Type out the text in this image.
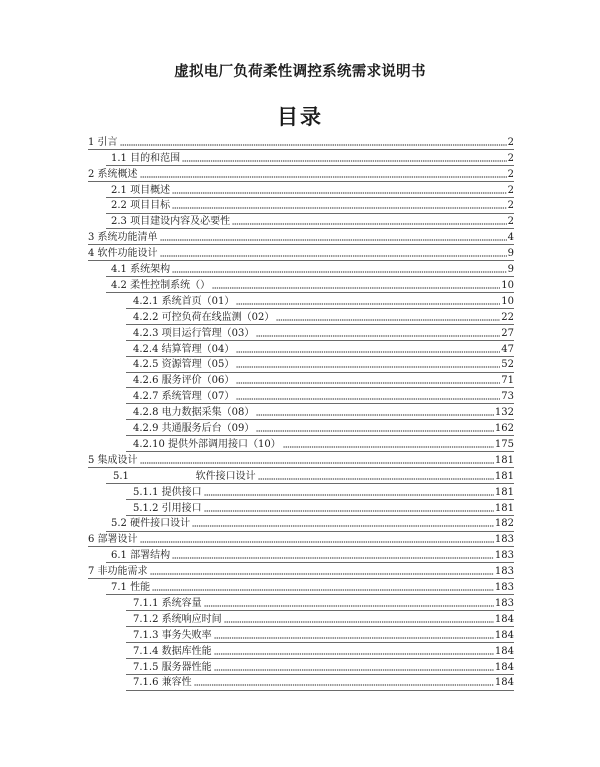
虚拟电厂负荷柔性调控系统需求说明书
目录
1 引言	2
1.1 目的和范围	2
2 系统概述	2
2.1 项目概述	2
2.2 项目目标	2
2.3 项目建设内容及必要性	2
3 系统功能清单	4
4 软件功能设计	9
4.1 系统架构	9
4.2 柔性控制系统（）	10
4.2.1 系统首页（01）	10
4.2.2 可控负荷在线监测（02）	22
4.2.3 项目运行管理（03）	27
4.2.4 结算管理（04）	47
4.2.5 资源管理（05）	52
4.2.6 服务评价（06）	71
4.2.7 系统管理（07）	73
4.2.8 电力数据采集（08）	132
4.2.9 共通服务后台（09）	162
4.2.10 提供外部调用接口（10）	175
5 集成设计	181
5.1                     软件接口设计	181
5.1.1 提供接口	181
5.1.2 引用接口	181
5.2 硬件接口设计	182
6 部署设计	183
6.1 部署结构	183
7 非功能需求	183
7.1 性能	183
7.1.1 系统容量	183
7.1.2 系统响应时间	184
7.1.3 事务失败率	184
7.1.4 数据库性能	184
7.1.5 服务器性能	184
7.1.6 兼容性	184
